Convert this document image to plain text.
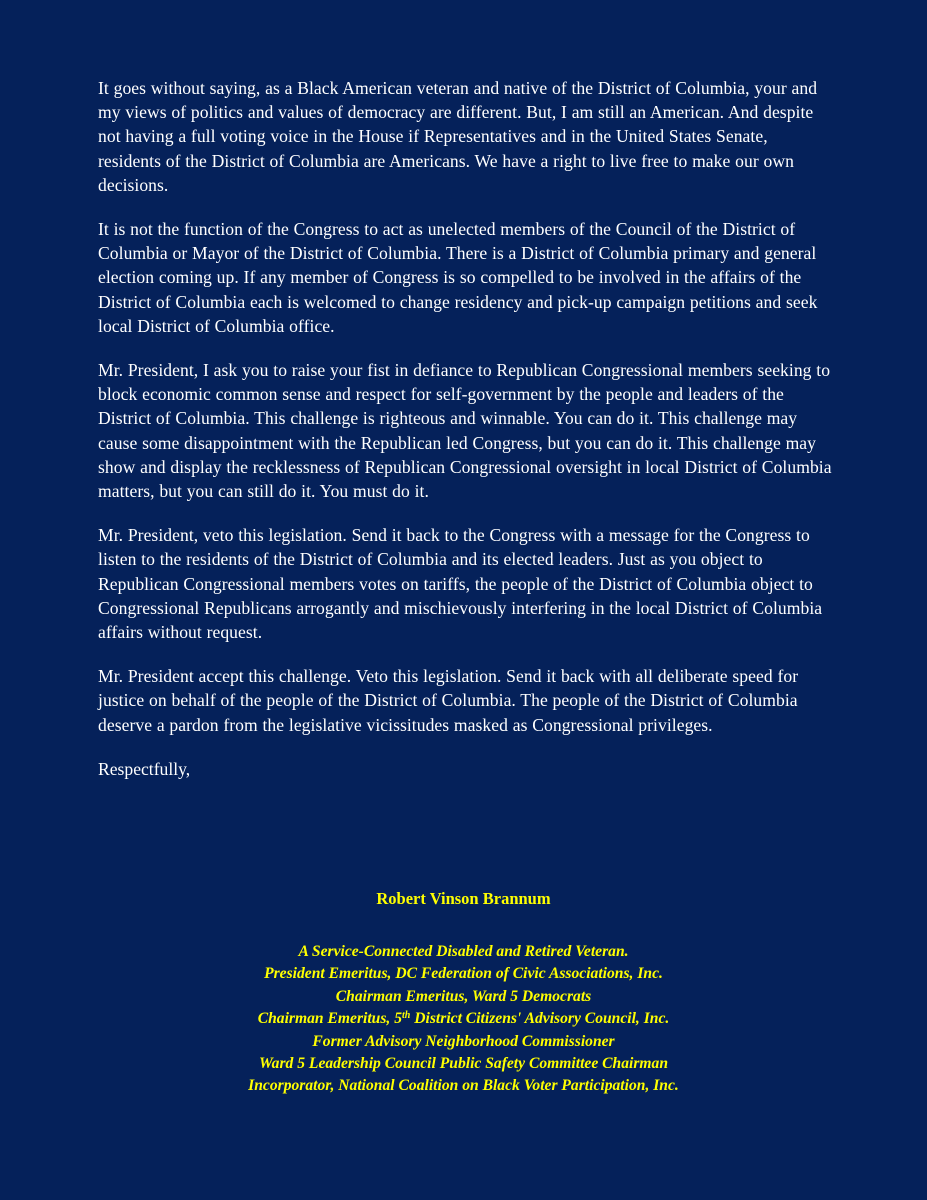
It goes without saying, as a Black American veteran and native of the District of Columbia, your and my views of politics and values of democracy are different. But, I am still an American. And despite not having a full voting voice in the House if Representatives and in the United States Senate, residents of the District of Columbia are Americans. We have a right to live free to make our own decisions.

It is not the function of the Congress to act as unelected members of the Council of the District of Columbia or Mayor of the District of Columbia. There is a District of Columbia primary and general election coming up. If any member of Congress is so compelled to be involved in the affairs of the District of Columbia each is welcomed to change residency and pick-up campaign petitions and seek local District of Columbia office.

Mr. President, I ask you to raise your fist in defiance to Republican Congressional members seeking to block economic common sense and respect for self-government by the people and leaders of the District of Columbia. This challenge is righteous and winnable. You can do it. This challenge may cause some disappointment with the Republican led Congress, but you can do it. This challenge may show and display the recklessness of Republican Congressional oversight in local District of Columbia matters, but you can still do it. You must do it.

Mr. President, veto this legislation. Send it back to the Congress with a message for the Congress to listen to the residents of the District of Columbia and its elected leaders. Just as you object to Republican Congressional members votes on tariffs, the people of the District of Columbia object to Congressional Republicans arrogantly and mischievously interfering in the local District of Columbia affairs without request.

Mr. President accept this challenge. Veto this legislation. Send it back with all deliberate speed for justice on behalf of the people of the District of Columbia. The people of the District of Columbia deserve a pardon from the legislative vicissitudes masked as Congressional privileges.

Respectfully,

Robert Vinson Brannum
A Service-Connected Disabled and Retired Veteran.
President Emeritus, DC Federation of Civic Associations, Inc.
Chairman Emeritus, Ward 5 Democrats
Chairman Emeritus, 5th District Citizens' Advisory Council, Inc.
Former Advisory Neighborhood Commissioner
Ward 5 Leadership Council Public Safety Committee Chairman
Incorporator, National Coalition on Black Voter Participation, Inc.
